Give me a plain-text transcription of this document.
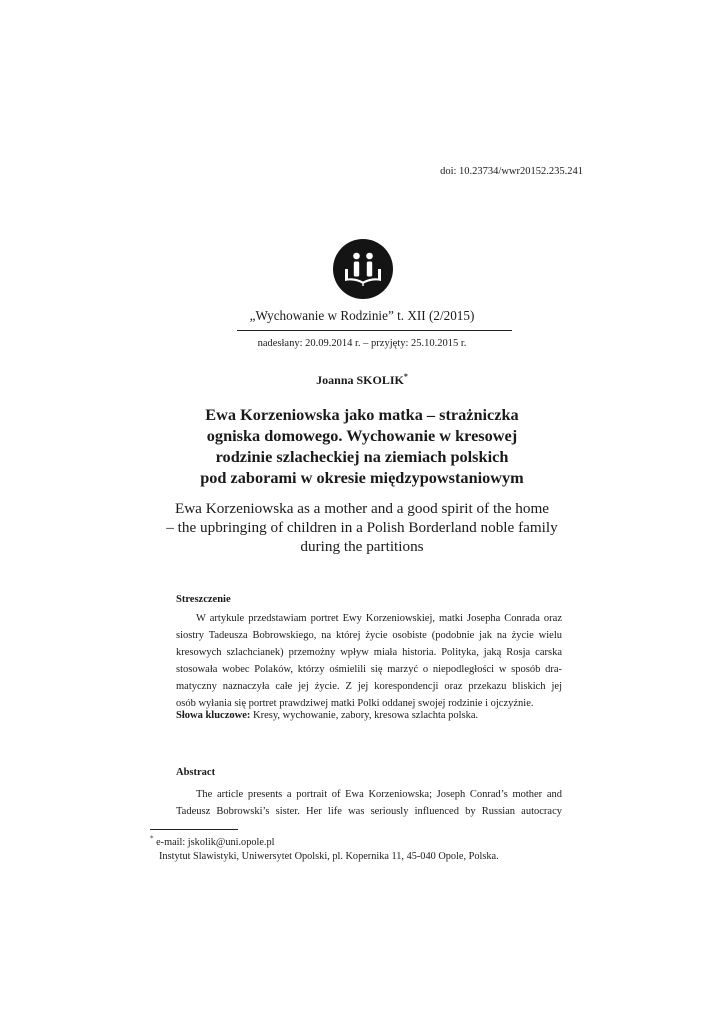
doi: 10.23734/wwr20152.235.241
„Wychowanie w Rodzinie” t. XII (2/2015)
nadesłany: 20.09.2014 r. – przyjęty: 25.10.2015 r.
Joanna SKOLIK*
Ewa Korzeniowska jako matka – strażniczka
ogniska domowego. Wychowanie w kresowej
rodzinie szlacheckiej na ziemiach polskich
pod zaborami w okresie międzypowstaniowym
Ewa Korzeniowska as a mother and a good spirit of the home
– the upbringing of children in a Polish Borderland noble family
during the partitions
Streszczenie
W artykule przedstawiam portret Ewy Korzeniowskiej, matki Josepha Conrada oraz
siostry Tadeusza Bobrowskiego, na której życie osobiste (podobnie jak na życie wielu
kresowych szlachcianek) przemożny wpływ miała historia. Polityka, jaką Rosja carska
stosowała wobec Polaków, którzy ośmielili się marzyć o niepodległości w sposób dra-
matyczny naznaczyła całe jej życie. Z jej korespondencji oraz przekazu bliskich jej
osób wyłania się portret prawdziwej matki Polki oddanej swojej rodzinie i ojczyźnie.
Słowa kluczowe: Kresy, wychowanie, zabory, kresowa szlachta polska.
Abstract
The article presents a portrait of Ewa Korzeniowska; Joseph Conrad’s mother and
Tadeusz Bobrowski’s sister. Her life was seriously influenced by Russian autocracy
* e-mail: jskolik@uni.opole.pl
Instytut Slawistyki, Uniwersytet Opolski, pl. Kopernika 11, 45-040 Opole, Polska.
